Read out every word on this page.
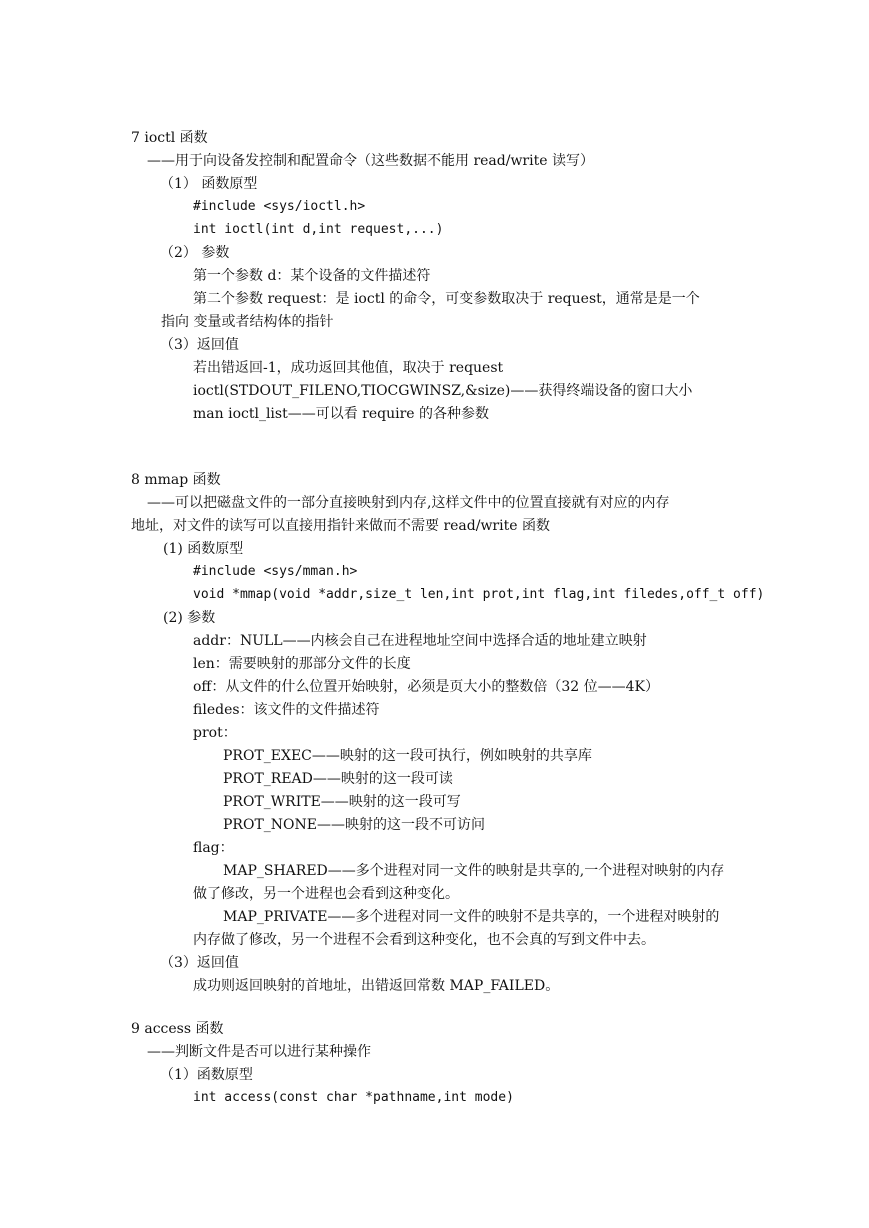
7 ioctl 函数
——用于向设备发控制和配置命令（这些数据不能用 read/write 读写）
（1） 函数原型
#include <sys/ioctl.h>
int ioctl(int d,int request,...)
（2） 参数
第一个参数 d：某个设备的文件描述符
第二个参数 request：是 ioctl 的命令，可变参数取决于 request，通常是是一个
指向 变量或者结构体的指针
（3）返回值
若出错返回-1，成功返回其他值，取决于 request
ioctl(STDOUT_FILENO,TIOCGWINSZ,&size)——获得终端设备的窗口大小
man ioctl_list——可以看 require 的各种参数
8 mmap 函数
——可以把磁盘文件的一部分直接映射到内存,这样文件中的位置直接就有对应的内存
地址，对文件的读写可以直接用指针来做而不需要 read/write 函数
(1) 函数原型
#include <sys/mman.h>
void *mmap(void *addr,size_t len,int prot,int flag,int filedes,off_t off)
(2) 参数
addr：NULL——内核会自己在进程地址空间中选择合适的地址建立映射
len：需要映射的那部分文件的长度
off：从文件的什么位置开始映射，必须是页大小的整数倍（32 位——4K）
filedes：该文件的文件描述符
prot：
PROT_EXEC——映射的这一段可执行，例如映射的共享库
PROT_READ——映射的这一段可读
PROT_WRITE——映射的这一段可写
PROT_NONE——映射的这一段不可访问
flag：
MAP_SHARED——多个进程对同一文件的映射是共享的,一个进程对映射的内存
做了修改，另一个进程也会看到这种变化。
MAP_PRIVATE——多个进程对同一文件的映射不是共享的，一个进程对映射的
内存做了修改，另一个进程不会看到这种变化，也不会真的写到文件中去。
（3）返回值
成功则返回映射的首地址，出错返回常数 MAP_FAILED。
9 access 函数
——判断文件是否可以进行某种操作
（1）函数原型
int access(const char *pathname,int mode)
